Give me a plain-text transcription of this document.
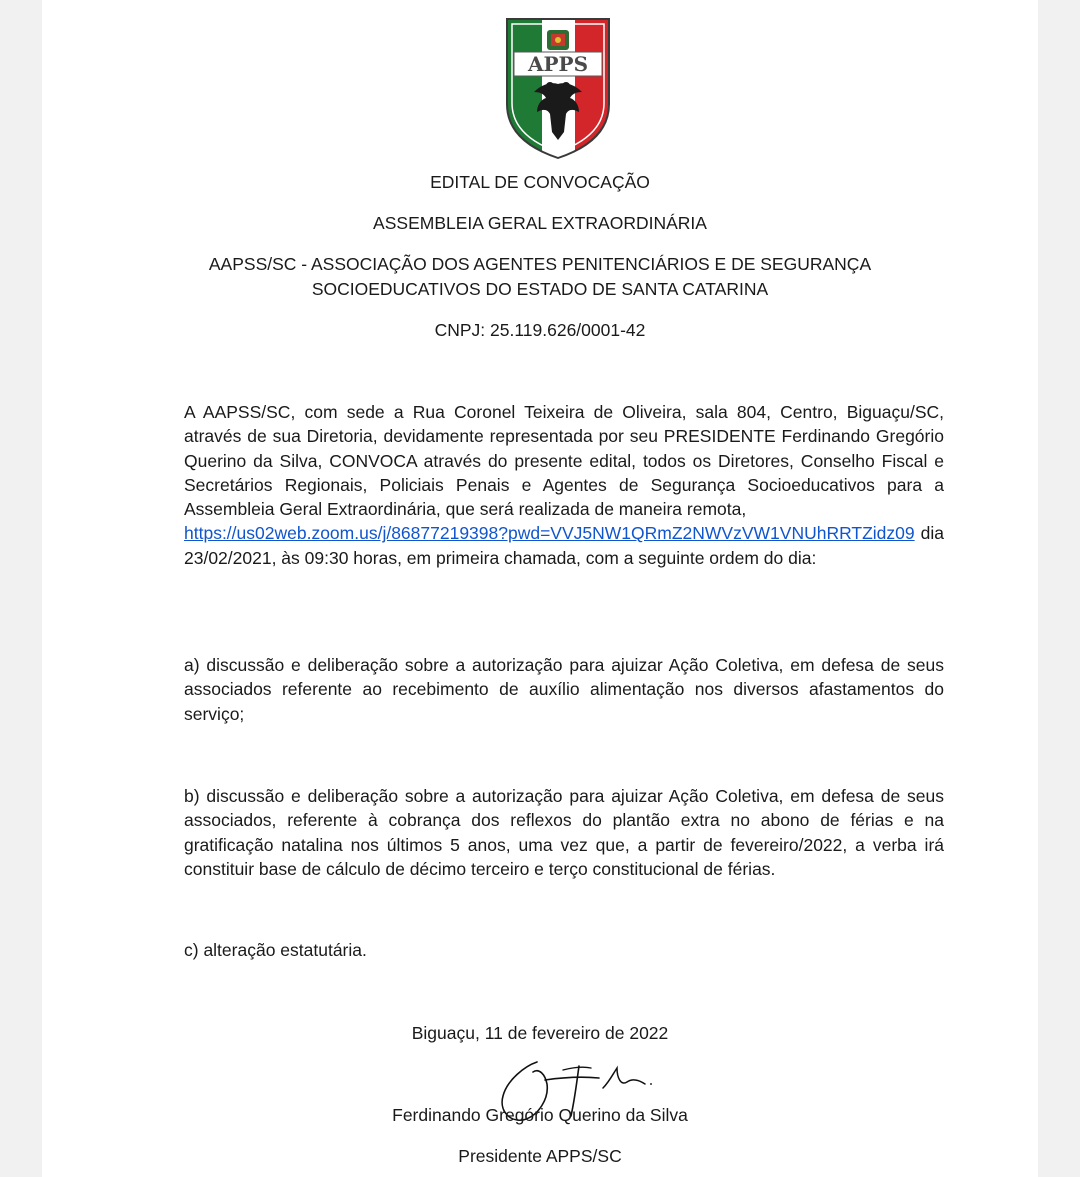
APPS
EDITAL DE CONVOCAÇÃO
ASSEMBLEIA GERAL EXTRAORDINÁRIA
AAPSS/SC - ASSOCIAÇÃO DOS AGENTES PENITENCIÁRIOS E DE SEGURANÇA
SOCIOEDUCATIVOS DO ESTADO DE SANTA CATARINA
CNPJ: 25.119.626/0001-42
A AAPSS/SC, com sede a Rua Coronel Teixeira de Oliveira, sala 804, Centro, Biguaçu/SC, através de sua Diretoria, devidamente representada por seu PRESIDENTE Ferdinando Gregório Querino da Silva, CONVOCA através do presente edital, todos os Diretores, Conselho Fiscal e Secretários Regionais, Policiais Penais e Agentes de Segurança Socioeducativos para a Assembleia Geral Extraordinária, que será realizada de maneira remota,
https://us02web.zoom.us/j/86877219398?pwd=VVJ5NW1QRmZ2NWVzVW1VNUhRRTZidz09 dia 23/02/2021, às 09:30 horas, em primeira chamada, com a seguinte ordem do dia:
a) discussão e deliberação sobre a autorização para ajuizar Ação Coletiva, em defesa de seus associados referente ao recebimento de auxílio alimentação nos diversos afastamentos do serviço;
b) discussão e deliberação sobre a autorização para ajuizar Ação Coletiva, em defesa de seus associados, referente à cobrança dos reflexos do plantão extra no abono de férias e na gratificação natalina nos últimos 5 anos, uma vez que, a partir de fevereiro/2022, a verba irá constituir base de cálculo de décimo terceiro e terço constitucional de férias.
c) alteração estatutária.
Biguaçu, 11 de fevereiro de 2022
Ferdinando Gregório Querino da Silva
Presidente APPS/SC
